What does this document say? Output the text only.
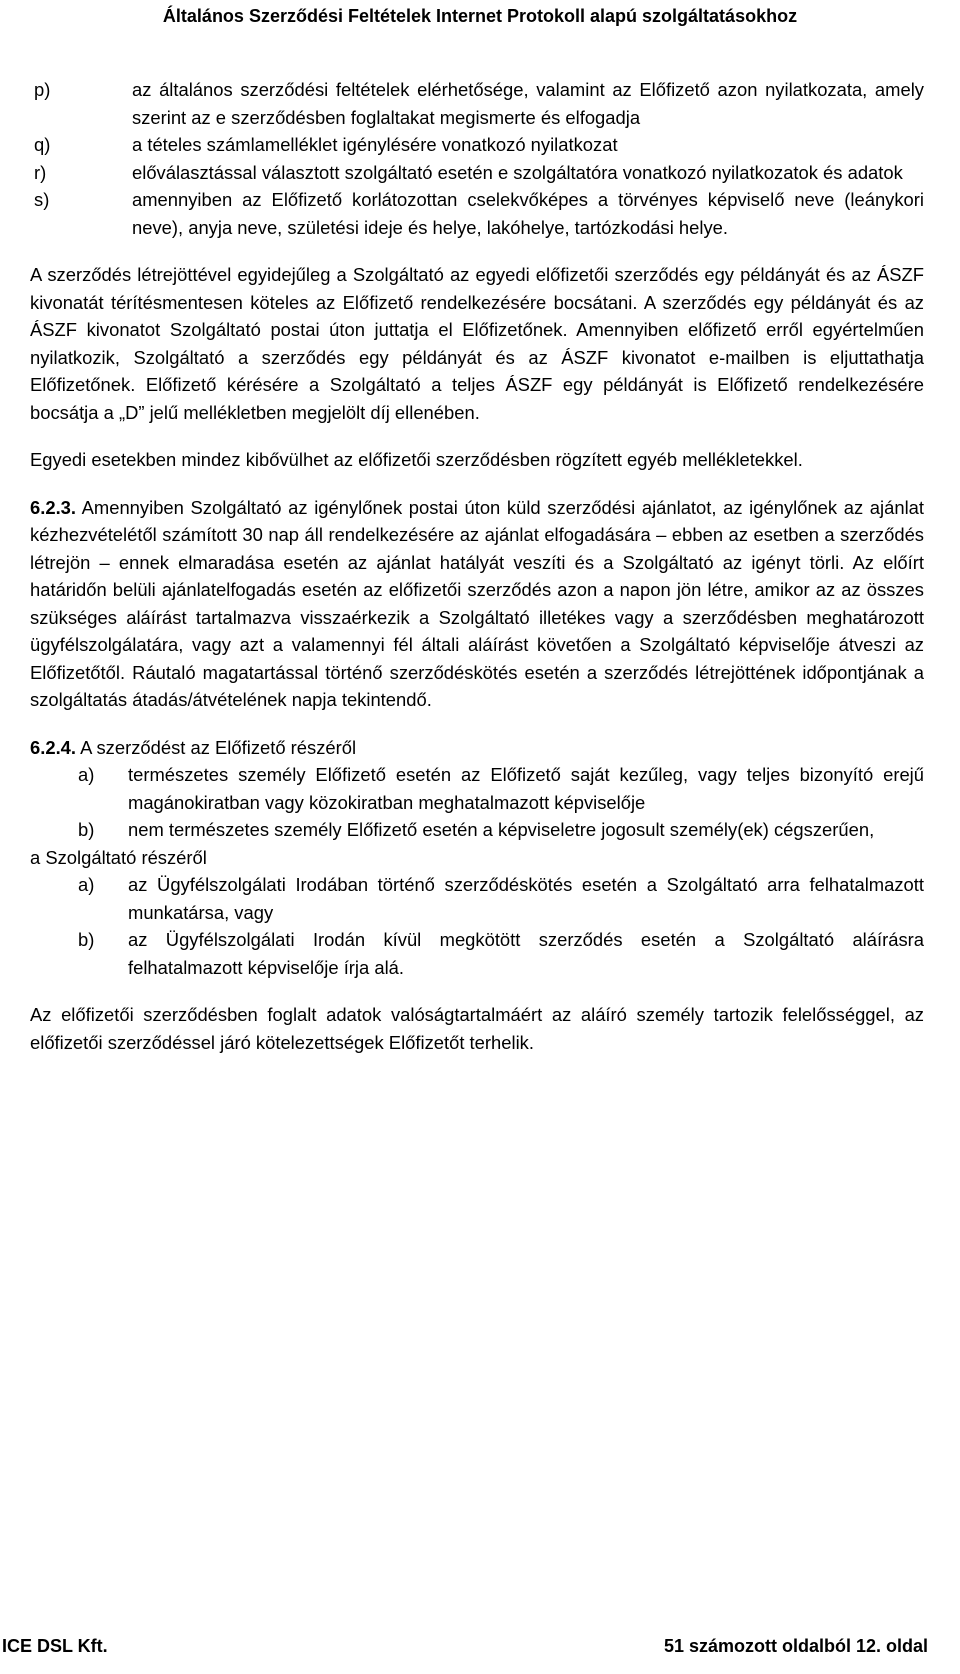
Általános Szerződési Feltételek Internet Protokoll alapú szolgáltatásokhoz
p)	az általános szerződési feltételek elérhetősége, valamint az Előfizető azon nyilatkozata, amely szerint az e szerződésben foglaltakat megismerte és elfogadja
q)	a tételes számlamelléklet igénylésére vonatkozó nyilatkozat
r)	előválasztással választott szolgáltató esetén e szolgáltatóra vonatkozó nyilatkozatok és adatok
s)	amennyiben az Előfizető korlátozottan cselekvőképes a törvényes képviselő neve (leánykori neve), anyja neve, születési ideje és helye, lakóhelye, tartózkodási helye.

A szerződés létrejöttével egyidejűleg a Szolgáltató az egyedi előfizetői szerződés egy példányát és az ÁSZF kivonatát térítésmentesen köteles az Előfizető rendelkezésére bocsátani. A szerződés egy példányát és az ÁSZF kivonatot Szolgáltató postai úton juttatja el Előfizetőnek. Amennyiben előfizető erről egyértelműen nyilatkozik, Szolgáltató a szerződés egy példányát és az ÁSZF kivonatot e-mailben is eljuttathatja Előfizetőnek. Előfizető kérésére a Szolgáltató a teljes ÁSZF egy példányát is Előfizető rendelkezésére bocsátja a „D” jelű mellékletben megjelölt díj ellenében.

Egyedi esetekben mindez kibővülhet az előfizetői szerződésben rögzített egyéb mellékletekkel.

6.2.3. Amennyiben Szolgáltató az igénylőnek postai úton küld szerződési ajánlatot, az igénylőnek az ajánlat kézhezvételétől számított 30 nap áll rendelkezésére az ajánlat elfogadására – ebben az esetben a szerződés létrejön – ennek elmaradása esetén az ajánlat hatályát veszíti és a Szolgáltató az igényt törli. Az előírt határidőn belüli ajánlatelfogadás esetén az előfizetői szerződés azon a napon jön létre, amikor az az összes szükséges aláírást tartalmazva visszaérkezik a Szolgáltató illetékes vagy a szerződésben meghatározott ügyfélszolgálatára, vagy azt a valamennyi fél általi aláírást követően a Szolgáltató képviselője átveszi az Előfizetőtől. Ráutaló magatartással történő szerződéskötés esetén a szerződés létrejöttének időpontjának a szolgáltatás átadás/átvételének napja tekintendő.

6.2.4. A szerződést az Előfizető részéről

a)	természetes személy Előfizető esetén az Előfizető saját kezűleg, vagy teljes bizonyító erejű magánokiratban vagy közokiratban meghatalmazott képviselője
b)	nem természetes személy Előfizető esetén a képviseletre jogosult személy(ek) cégszerűen,

a Szolgáltató részéről

a)	az Ügyfélszolgálati Irodában történő szerződéskötés esetén a Szolgáltató arra felhatalmazott munkatársa, vagy
b)	az Ügyfélszolgálati Irodán kívül megkötött szerződés esetén a Szolgáltató aláírásra felhatalmazott képviselője írja alá.

Az előfizetői szerződésben foglalt adatok valóságtartalmáért az aláíró személy tartozik felelősséggel, az előfizetői szerződéssel járó kötelezettségek Előfizetőt terhelik.

ICE DSL Kft.	51 számozott oldalból 12. oldal
